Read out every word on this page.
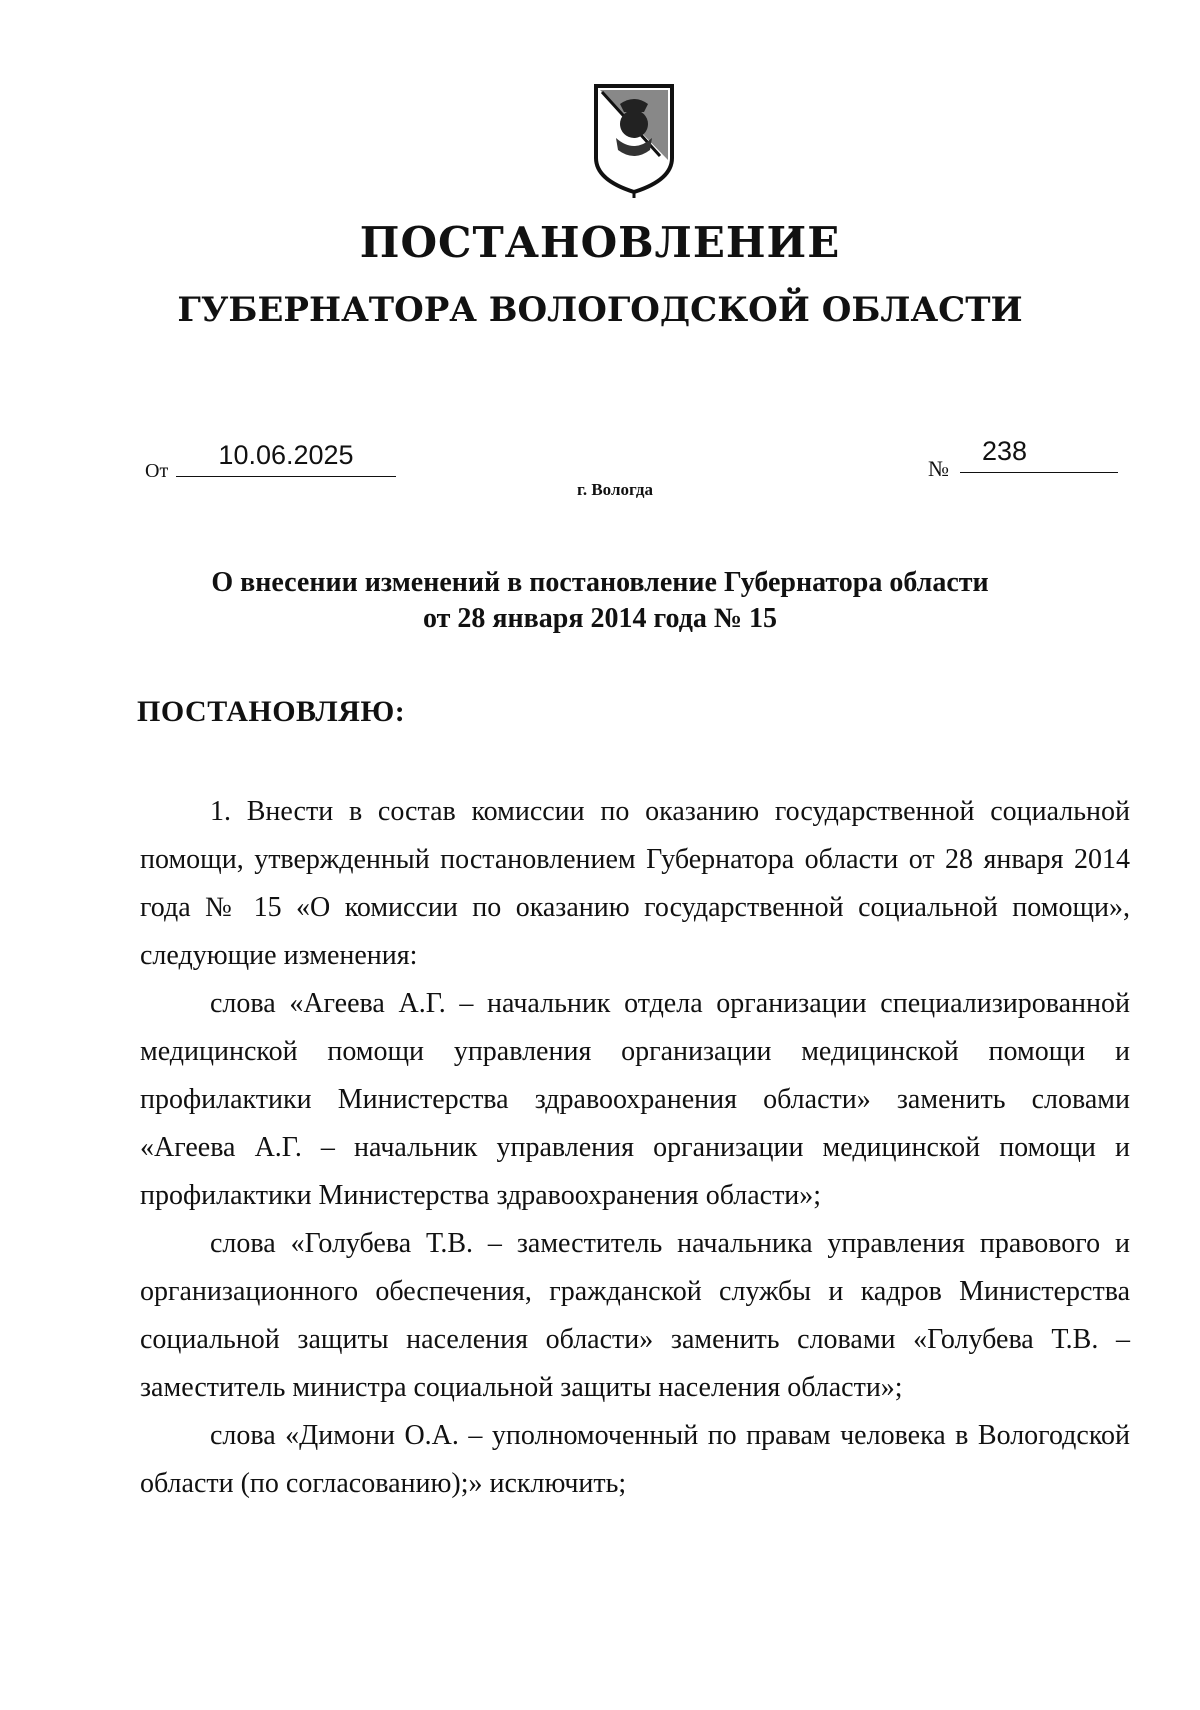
ПОСТАНОВЛЕНИЕ
ГУБЕРНАТОРА ВОЛОГОДСКОЙ ОБЛАСТИ
От
10.06.2025	№
238
г. Вологда
О внесении изменений в постановление Губернатора области
от 28 января 2014 года № 15
ПОСТАНОВЛЯЮ:

1. Внести в состав комиссии по оказанию государственной социальной помощи, утвержденный постановлением Губернатора области от 28 января 2014 года № 15 «О комиссии по оказанию государственной социальной помощи», следующие изменения:

слова «Агеева А.Г. – начальник отдела организации специализированной медицинской помощи управления организации медицинской помощи и профилактики Министерства здравоохранения области» заменить словами «Агеева А.Г. – начальник управления организации медицинской помощи и профилактики Министерства здравоохранения области»;

слова «Голубева Т.В. – заместитель начальника управления правового и организационного обеспечения, гражданской службы и кадров Министерства социальной защиты населения области» заменить словами «Голубева Т.В. – заместитель министра социальной защиты населения области»;

слова «Димони О.А. – уполномоченный по правам человека в Вологодской области (по согласованию);» исключить;
